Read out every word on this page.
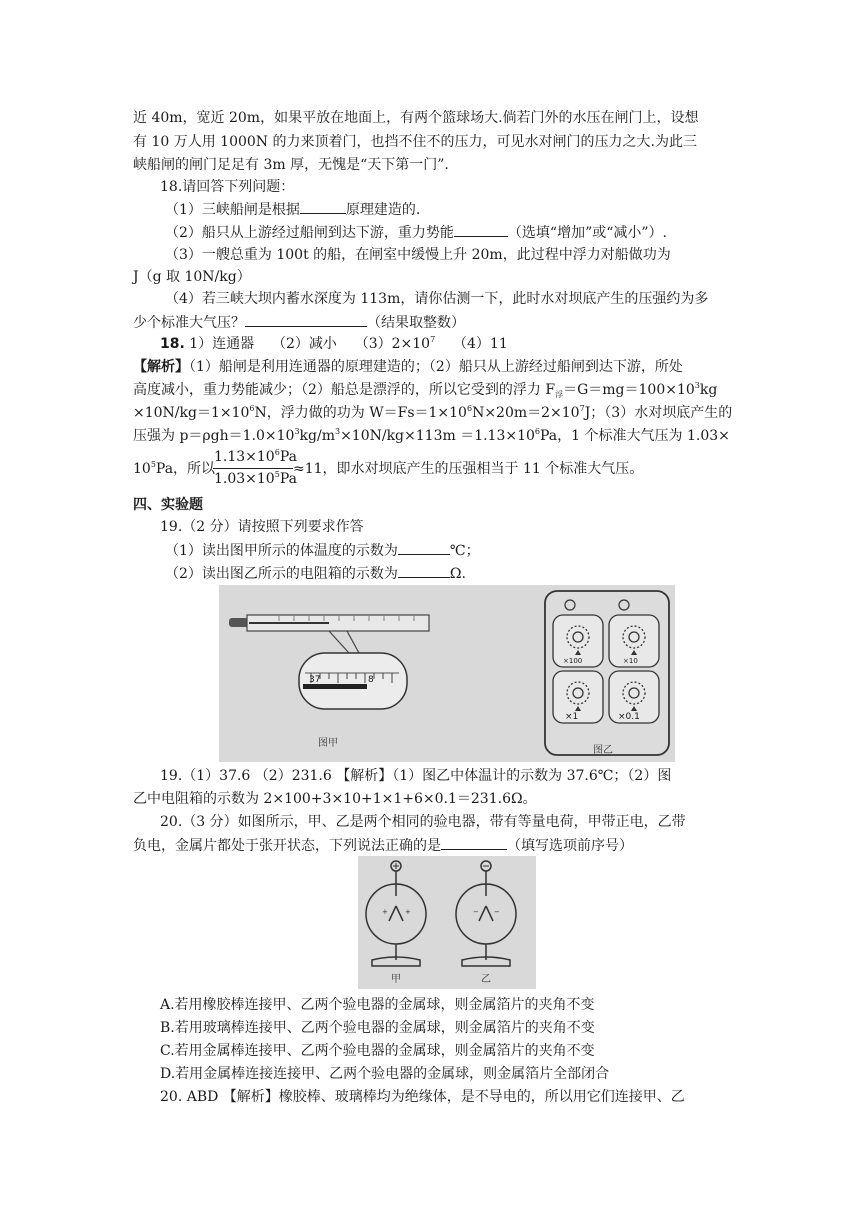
近 40m，宽近 20m，如果平放在地面上，有两个篮球场大.倘若门外的水压在闸门上，设想
有 10 万人用 1000N 的力来顶着门，也挡不住不的压力，可见水对闸门的压力之大.为此三
峡船闸的闸门足足有 3m 厚，无愧是“天下第一门”.
18.请回答下列问题：
（1）三峡船闸是根据	原理建造的.
（2）船只从上游经过船闸到达下游，重力势能	（选填“增加”或“减小”）.
（3）一艘总重为 100t 的船，在闸室中缓慢上升 20m，此过程中浮力对船做功为
J（g 取 10N/kg）
（4）若三峡大坝内蓄水深度为 113m，请你估测一下，此时水对坝底产生的压强约为多
少个标准大气压？	（结果取整数）
18. 1）连通器 （2）减小 $(3)2\times 10^7$ （4）11
【解析】（1）船闸是利用连通器的原理建造的；（2）船只从上游经过船闸到达下游，所处
高度减小，重力势能减少；（2）船总是漂浮的，所以它受到的浮力 $F_浮=G=mg=100\times 10^3kg$
$\times 10N/kg=1\times 10^6N$，浮力做的功为 $W=Fs=1\times 10^6N\times 20m=2\times 10^7J$；（3）水对坝底产生的
压强为 $p=\rho gh=1.0\times 10^3kg/m^3\times 10N/kg\times 113m =1.13\times 10^6Pa$，1 个标准大气压为 1.03×
$10^5Pa$，所以
$1.13\times 10^6Pa$
$1.03\times 10^5Pa$
≈11，即水对坝底产生的压强相当于 11 个标准大气压。
四、实验题
19.（2 分）请按照下列要求作答
（1）读出图甲所示的体温度的示数为	℃；
（2）读出图乙所示的电阻箱的示数为	Ω.
37	8
图甲
图乙
×100	×10
×1	×0.1
19.（1）37.6 （2）231.6 【解析】（1）图乙中体温计的示数为 37.6℃；（2）图
乙中电阻箱的示数为 2×100+3×10+1×1+6×0.1＝231.6Ω。
20.（3 分）如图所示，甲、乙是两个相同的验电器，带有等量电荷，甲带正电，乙带
负电，金属片都处于张开状态，下列说法正确的是	（填写选项前序号）
+ +	− −
甲	乙
A.若用橡胶棒连接甲、乙两个验电器的金属球，则金属箔片的夹角不变
B.若用玻璃棒连接甲、乙两个验电器的金属球，则金属箔片的夹角不变
C.若用金属棒连接甲、乙两个验电器的金属球，则金属箔片的夹角不变
D.若用金属棒连接连接甲、乙两个验电器的金属球，则金属箔片全部闭合
20. ABD 【解析】橡胶棒、玻璃棒均为绝缘体，是不导电的，所以用它们连接甲、乙
